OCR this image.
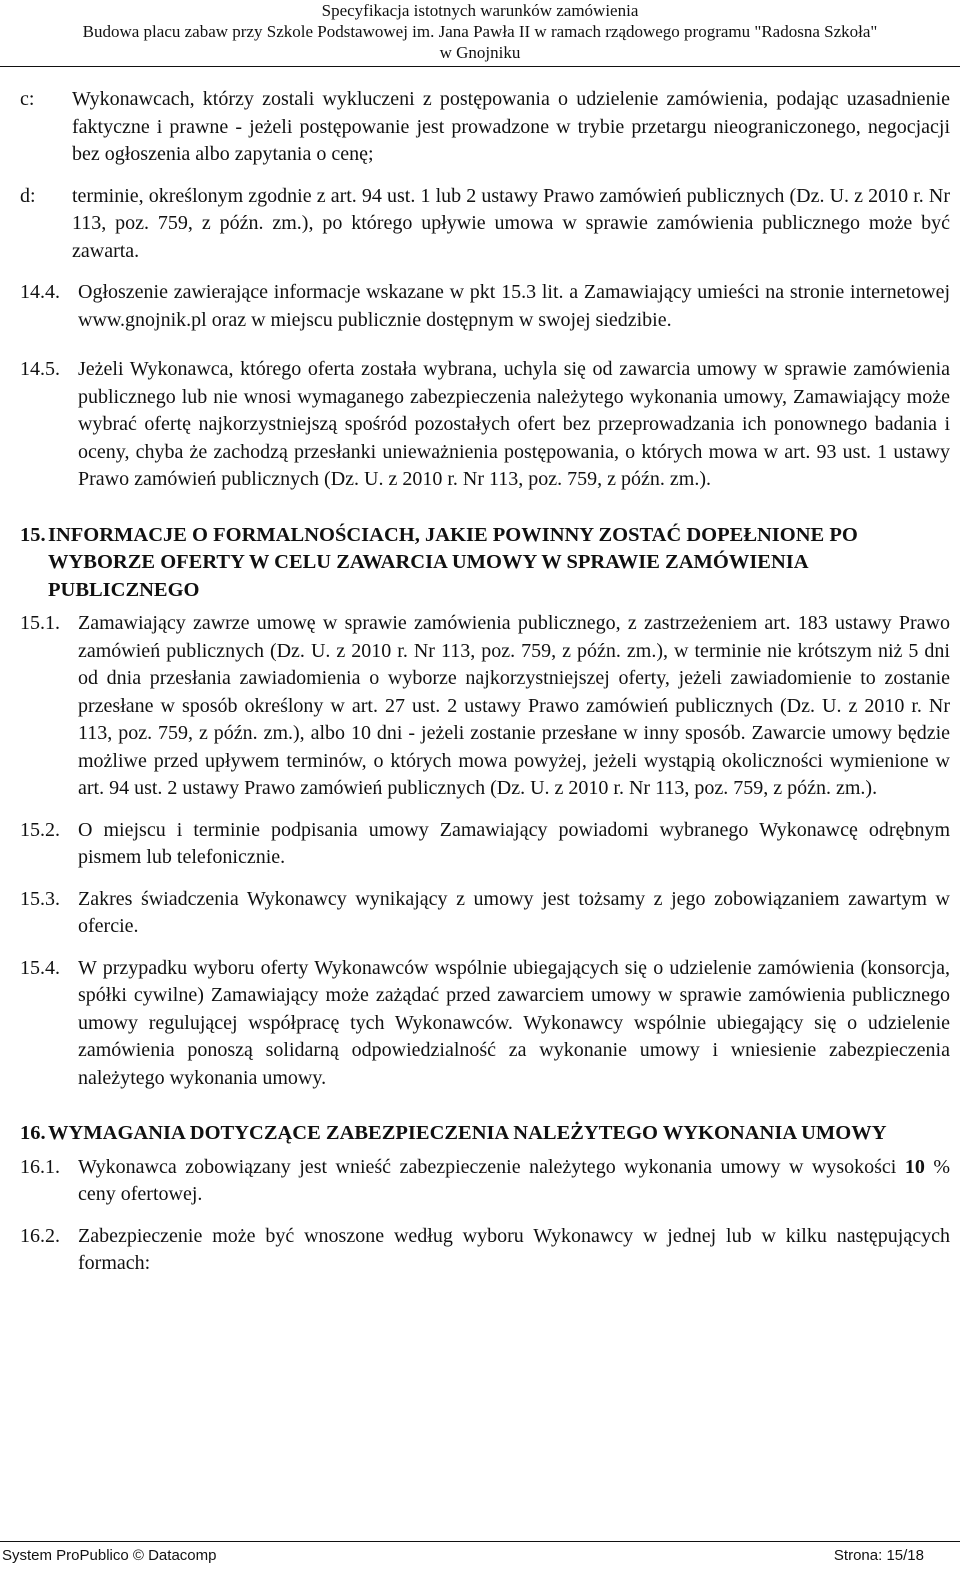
Specyfikacja istotnych warunków zamówienia
Budowa placu zabaw przy Szkole Podstawowej im. Jana Pawła II w ramach rządowego programu "Radosna Szkoła"
w Gnojniku
c:	Wykonawcach, którzy zostali wykluczeni z postępowania o udzielenie zamówienia, podając uzasadnienie faktyczne i prawne - jeżeli postępowanie jest prowadzone w trybie przetargu nieograniczonego, negocjacji bez ogłoszenia albo zapytania o cenę;
d:	terminie, określonym zgodnie z art. 94 ust. 1 lub 2 ustawy Prawo zamówień publicznych (Dz. U. z 2010 r. Nr 113, poz. 759, z późn. zm.), po którego upływie umowa w sprawie zamówienia publicznego może być zawarta.
14.4. Ogłoszenie zawierające informacje wskazane w pkt 15.3 lit. a Zamawiający umieści na stronie internetowej www.gnojnik.pl oraz w miejscu publicznie dostępnym w swojej siedzibie.
14.5. Jeżeli Wykonawca, którego oferta została wybrana, uchyla się od zawarcia umowy w sprawie zamówienia publicznego lub nie wnosi wymaganego zabezpieczenia należytego wykonania umowy, Zamawiający może wybrać ofertę najkorzystniejszą spośród pozostałych ofert bez przeprowadzania ich ponownego badania i oceny, chyba że zachodzą przesłanki unieważnienia postępowania, o których mowa w art. 93 ust. 1 ustawy Prawo zamówień publicznych (Dz. U. z 2010 r. Nr 113, poz. 759, z późn. zm.).
15. INFORMACJE O FORMALNOŚCIACH, JAKIE POWINNY ZOSTAĆ DOPEŁNIONE PO WYBORZE OFERTY W CELU ZAWARCIA UMOWY W SPRAWIE ZAMÓWIENIA PUBLICZNEGO
15.1. Zamawiający zawrze umowę w sprawie zamówienia publicznego, z zastrzeżeniem art. 183 ustawy Prawo zamówień publicznych (Dz. U. z 2010 r. Nr 113, poz. 759, z późn. zm.), w terminie nie krótszym niż 5 dni od dnia przesłania zawiadomienia o wyborze najkorzystniejszej oferty, jeżeli zawiadomienie to zostanie przesłane w sposób określony w art. 27 ust. 2 ustawy Prawo zamówień publicznych (Dz. U. z 2010 r. Nr 113, poz. 759, z późn. zm.), albo 10 dni - jeżeli zostanie przesłane w inny sposób. Zawarcie umowy będzie możliwe przed upływem terminów, o których mowa powyżej, jeżeli wystąpią okoliczności wymienione w art. 94 ust. 2 ustawy Prawo zamówień publicznych (Dz. U. z 2010 r. Nr 113, poz. 759, z późn. zm.).
15.2. O miejscu i terminie podpisania umowy Zamawiający powiadomi wybranego Wykonawcę odrębnym pismem lub telefonicznie.
15.3. Zakres świadczenia Wykonawcy wynikający z umowy jest tożsamy z jego zobowiązaniem zawartym w ofercie.
15.4. W przypadku wyboru oferty Wykonawców wspólnie ubiegających się o udzielenie zamówienia (konsorcja, spółki cywilne) Zamawiający może zażądać przed zawarciem umowy w sprawie zamówienia publicznego umowy regulującej współpracę tych Wykonawców. Wykonawcy wspólnie ubiegający się o udzielenie zamówienia ponoszą solidarną odpowiedzialność za wykonanie umowy i wniesienie zabezpieczenia należytego wykonania umowy.
16. WYMAGANIA DOTYCZĄCE ZABEZPIECZENIA NALEŻYTEGO WYKONANIA UMOWY
16.1. Wykonawca zobowiązany jest wnieść zabezpieczenie należytego wykonania umowy w wysokości 10 % ceny ofertowej.
16.2. Zabezpieczenie może być wnoszone według wyboru Wykonawcy w jednej lub w kilku następujących formach:
System ProPublico © Datacomp	Strona: 15/18
